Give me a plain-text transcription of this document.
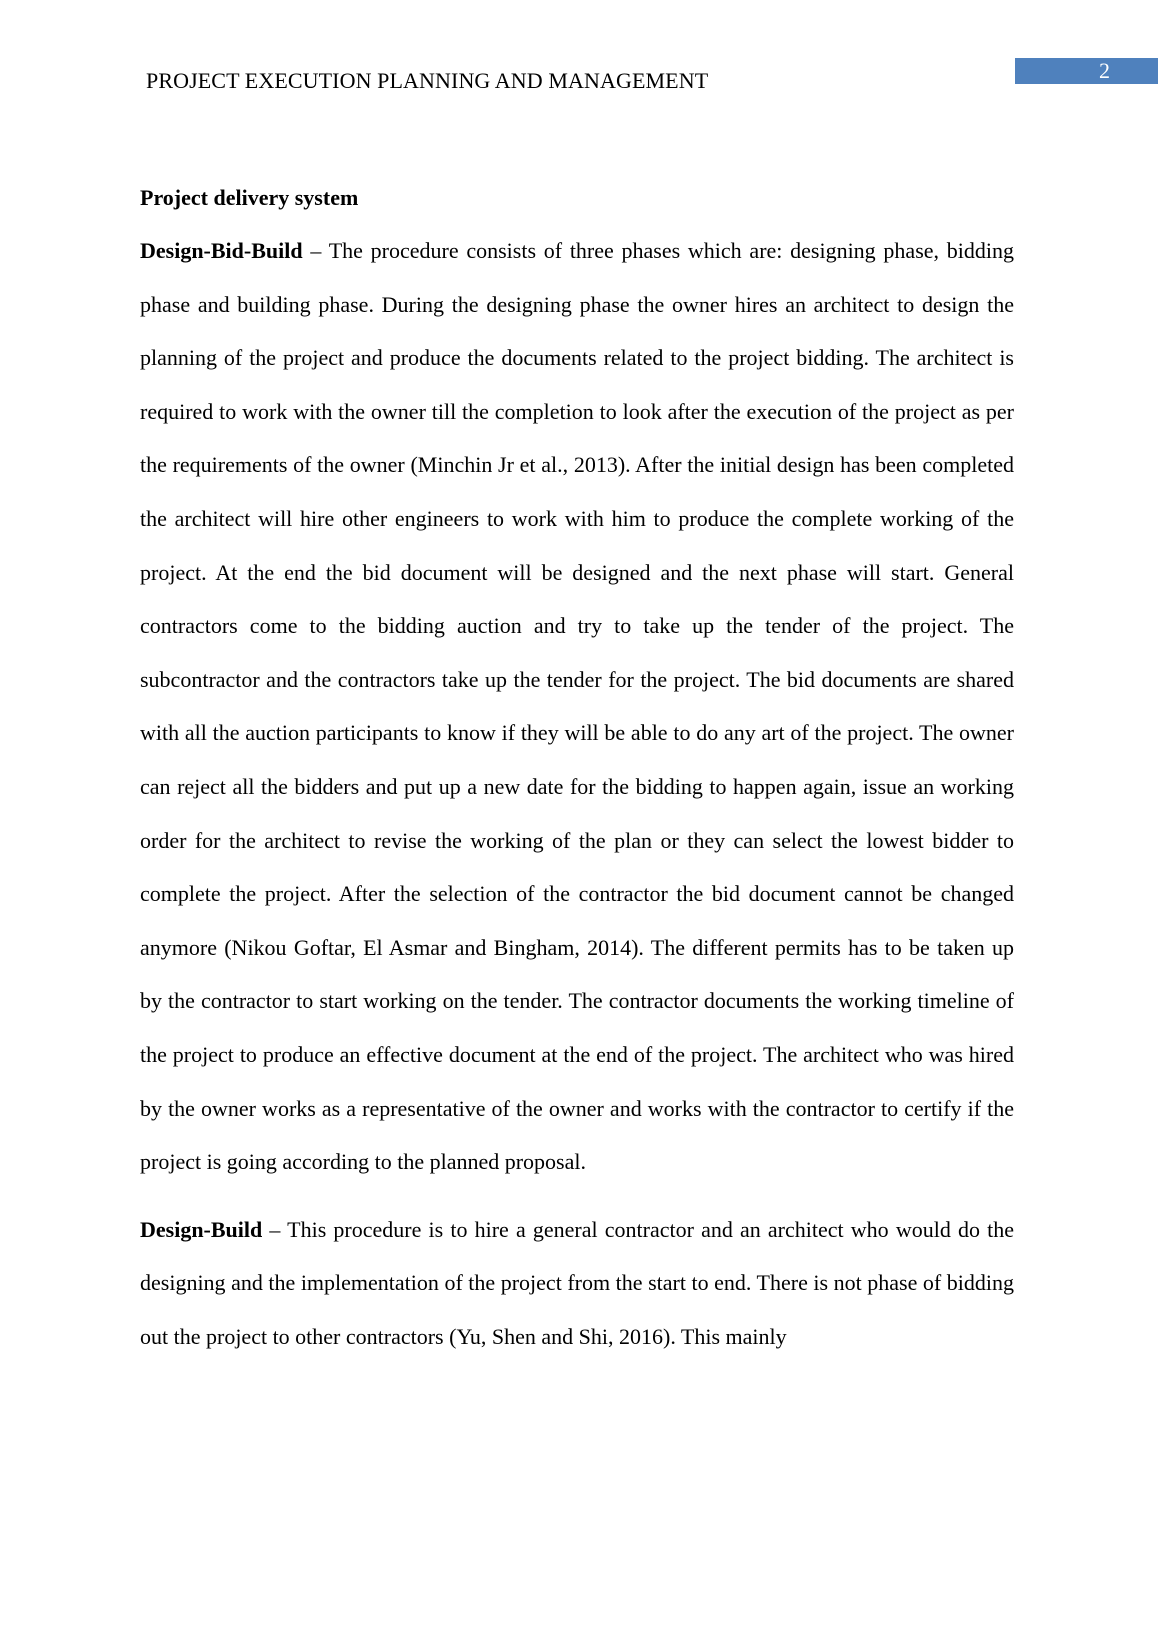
PROJECT EXECUTION PLANNING AND MANAGEMENT	2
Project delivery system

Design-Bid-Build – The procedure consists of three phases which are: designing phase, bidding phase and building phase. During the designing phase the owner hires an architect to design the planning of the project and produce the documents related to the project bidding. The architect is required to work with the owner till the completion to look after the execution of the project as per the requirements of the owner (Minchin Jr et al., 2013). After the initial design has been completed the architect will hire other engineers to work with him to produce the complete working of the project. At the end the bid document will be designed and the next phase will start. General contractors come to the bidding auction and try to take up the tender of the project. The subcontractor and the contractors take up the tender for the project. The bid documents are shared with all the auction participants to know if they will be able to do any art of the project. The owner can reject all the bidders and put up a new date for the bidding to happen again, issue an working order for the architect to revise the working of the plan or they can select the lowest bidder to complete the project. After the selection of the contractor the bid document cannot be changed anymore (Nikou Goftar, El Asmar and Bingham, 2014). The different permits has to be taken up by the contractor to start working on the tender. The contractor documents the working timeline of the project to produce an effective document at the end of the project. The architect who was hired by the owner works as a representative of the owner and works with the contractor to certify if the project is going according to the planned proposal.

Design-Build – This procedure is to hire a general contractor and an architect who would do the designing and the implementation of the project from the start to end. There is not phase of bidding out the project to other contractors (Yu, Shen and Shi, 2016). This mainly
